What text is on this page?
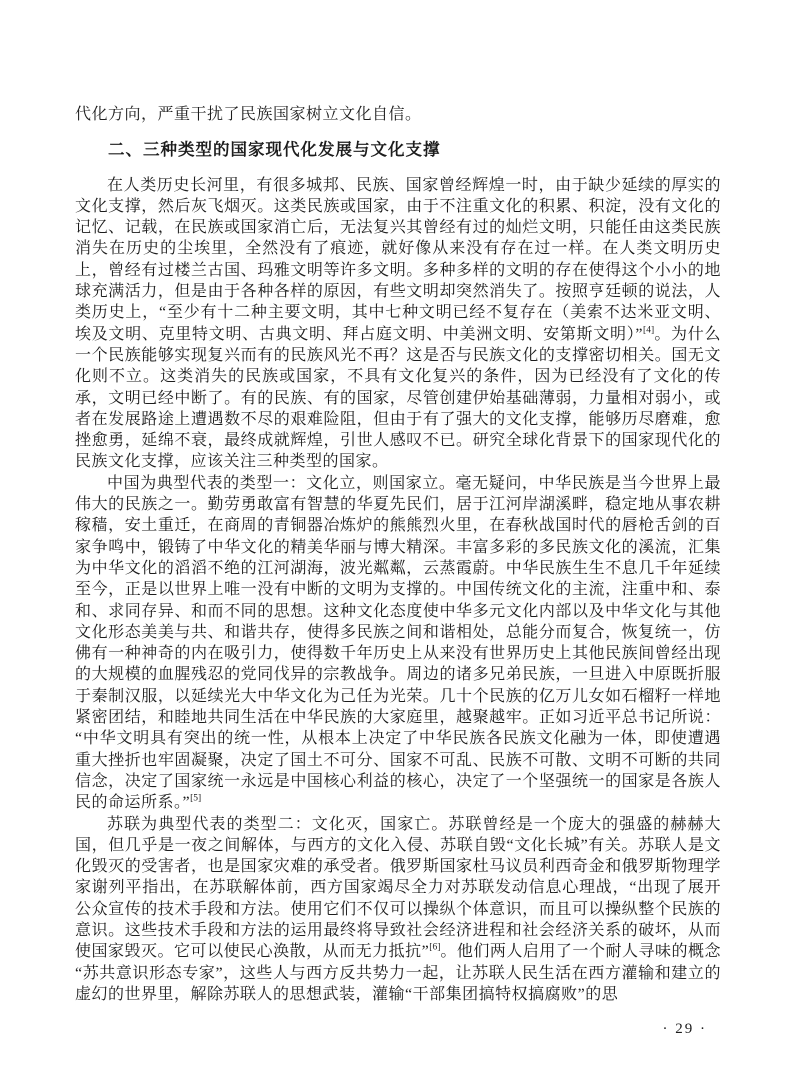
代化方向，严重干扰了民族国家树立文化自信。

二、三种类型的国家现代化发展与文化支撑

在人类历史长河里，有很多城邦、民族、国家曾经辉煌一时，由于缺少延续的厚实的文化支撑，然后灰飞烟灭。这类民族或国家，由于不注重文化的积累、积淀，没有文化的记忆、记载，在民族或国家消亡后，无法复兴其曾经有过的灿烂文明，只能任由这类民族消失在历史的尘埃里，全然没有了痕迹，就好像从来没有存在过一样。在人类文明历史上，曾经有过楼兰古国、玛雅文明等许多文明。多种多样的文明的存在使得这个小小的地球充满活力，但是由于各种各样的原因，有些文明却突然消失了。按照亨廷顿的说法，人类历史上，“至少有十二种主要文明，其中七种文明已经不复存在（美索不达米亚文明、埃及文明、克里特文明、古典文明、拜占庭文明、中美洲文明、安第斯文明）”[4]。为什么一个民族能够实现复兴而有的民族风光不再？这是否与民族文化的支撑密切相关。国无文化则不立。这类消失的民族或国家，不具有文化复兴的条件，因为已经没有了文化的传承，文明已经中断了。有的民族、有的国家，尽管创建伊始基础薄弱，力量相对弱小，或者在发展路途上遭遇数不尽的艰难险阻，但由于有了强大的文化支撑，能够历尽磨难，愈挫愈勇，延绵不衰，最终成就辉煌，引世人感叹不已。研究全球化背景下的国家现代化的民族文化支撑，应该关注三种类型的国家。

中国为典型代表的类型一：文化立，则国家立。毫无疑问，中华民族是当今世界上最伟大的民族之一。勤劳勇敢富有智慧的华夏先民们，居于江河岸湖溪畔，稳定地从事农耕稼穑，安土重迁，在商周的青铜器冶炼炉的熊熊烈火里，在春秋战国时代的唇枪舌剑的百家争鸣中，锻铸了中华文化的精美华丽与博大精深。丰富多彩的多民族文化的溪流，汇集为中华文化的滔滔不绝的江河湖海，波光粼粼，云蒸霞蔚。中华民族生生不息几千年延续至今，正是以世界上唯一没有中断的文明为支撑的。中国传统文化的主流，注重中和、泰和、求同存异、和而不同的思想。这种文化态度使中华多元文化内部以及中华文化与其他文化形态美美与共、和谐共存，使得多民族之间和谐相处，总能分而复合，恢复统一，仿佛有一种神奇的内在吸引力，使得数千年历史上从来没有世界历史上其他民族间曾经出现的大规模的血腥残忍的党同伐异的宗教战争。周边的诸多兄弟民族，一旦进入中原既折服于秦制汉服，以延续光大中华文化为己任为光荣。几十个民族的亿万儿女如石榴籽一样地紧密团结，和睦地共同生活在中华民族的大家庭里，越聚越牢。正如习近平总书记所说：“中华文明具有突出的统一性，从根本上决定了中华民族各民族文化融为一体，即使遭遇重大挫折也牢固凝聚，决定了国土不可分、国家不可乱、民族不可散、文明不可断的共同信念，决定了国家统一永远是中国核心利益的核心，决定了一个坚强统一的国家是各族人民的命运所系。”[5]

苏联为典型代表的类型二：文化灭，国家亡。苏联曾经是一个庞大的强盛的赫赫大国，但几乎是一夜之间解体，与西方的文化入侵、苏联自毁“文化长城”有关。苏联人是文化毁灭的受害者，也是国家灾难的承受者。俄罗斯国家杜马议员利西奇金和俄罗斯物理学家谢列平指出，在苏联解体前，西方国家竭尽全力对苏联发动信息心理战，“出现了展开公众宣传的技术手段和方法。使用它们不仅可以操纵个体意识，而且可以操纵整个民族的意识。这些技术手段和方法的运用最终将导致社会经济进程和社会经济关系的破坏，从而使国家毁灭。它可以使民心涣散，从而无力抵抗”[6]。他们两人启用了一个耐人寻味的概念“苏共意识形态专家”，这些人与西方反共势力一起，让苏联人民生活在西方灌输和建立的虚幻的世界里，解除苏联人的思想武装，灌输“干部集团搞特权搞腐败”的思

· 29 ·
